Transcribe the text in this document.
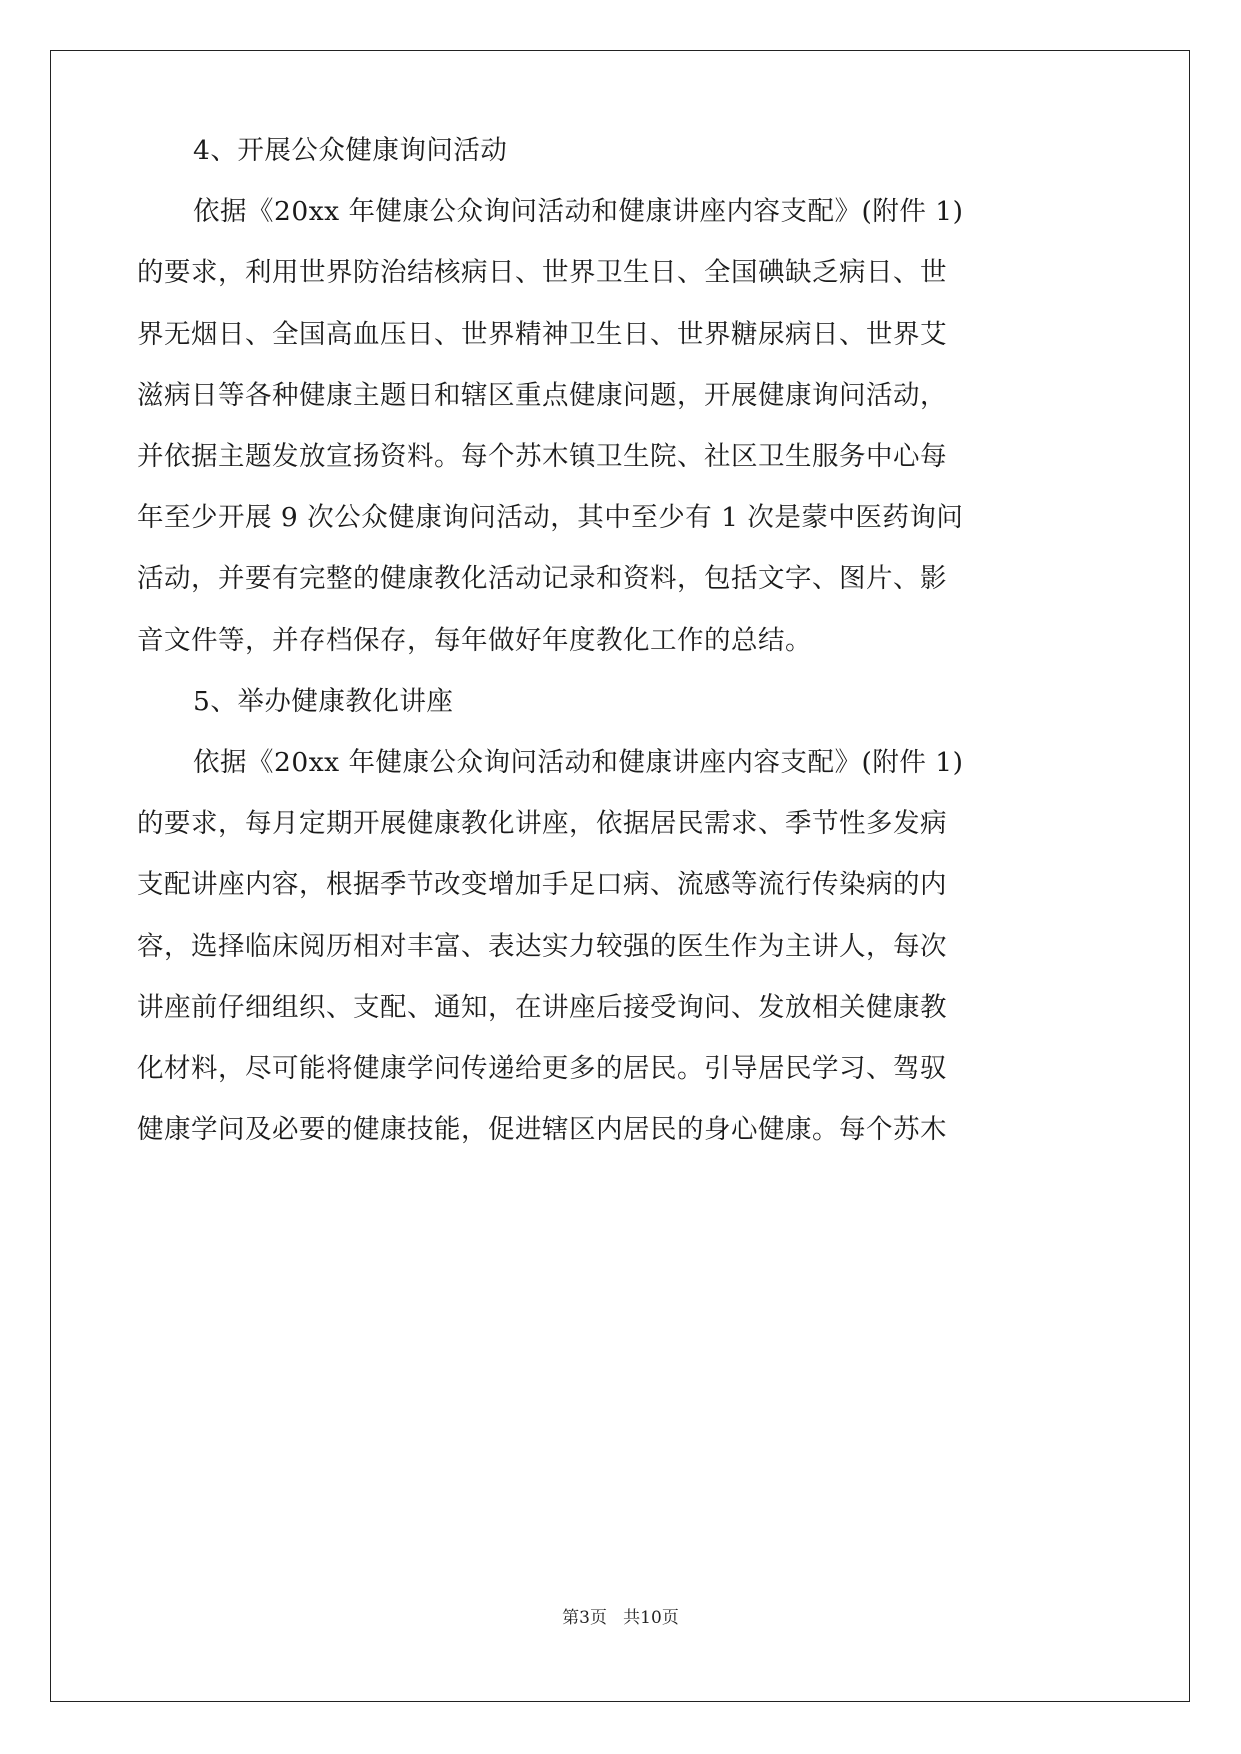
4、开展公众健康询问活动
依据《20xx 年健康公众询问活动和健康讲座内容支配》(附件 1)
的要求，利用世界防治结核病日、世界卫生日、全国碘缺乏病日、世
界无烟日、全国高血压日、世界精神卫生日、世界糖尿病日、世界艾
滋病日等各种健康主题日和辖区重点健康问题，开展健康询问活动，
并依据主题发放宣扬资料。每个苏木镇卫生院、社区卫生服务中心每
年至少开展 9 次公众健康询问活动，其中至少有 1 次是蒙中医药询问
活动，并要有完整的健康教化活动记录和资料，包括文字、图片、影
音文件等，并存档保存，每年做好年度教化工作的总结。
5、举办健康教化讲座
依据《20xx 年健康公众询问活动和健康讲座内容支配》(附件 1)
的要求，每月定期开展健康教化讲座，依据居民需求、季节性多发病
支配讲座内容，根据季节改变增加手足口病、流感等流行传染病的内
容，选择临床阅历相对丰富、表达实力较强的医生作为主讲人，每次
讲座前仔细组织、支配、通知，在讲座后接受询问、发放相关健康教
化材料，尽可能将健康学问传递给更多的居民。引导居民学习、驾驭
健康学问及必要的健康技能，促进辖区内居民的身心健康。每个苏木
第3页   共10页
